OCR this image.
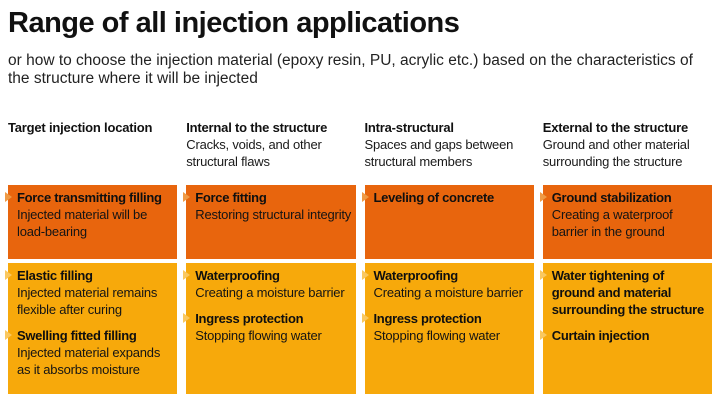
Range of all injection applications

or how to choose the injection material (epoxy resin, PU, acrylic etc.) based on the characteristics of the structure where it will be injected

Target injection location	Internal to the structure
Cracks, voids, and other structural flaws
Intra-structural
Spaces and gaps between structural members
External to the structure
Ground and other material surrounding the structure
Force transmitting filling
Injected material will be load-bearing
Force fitting
Restoring structural integrity
Leveling of concrete	Ground stabilization
Creating a waterproof barrier in the ground
Elastic filling
Injected material remains flexible after curing
Swelling fitted filling
Injected material expands as it absorbs moisture
Waterproofing
Creating a moisture barrier
Ingress protection
Stopping flowing water
Waterproofing
Creating a moisture barrier
Ingress protection
Stopping flowing water
Water tightening of ground and material surrounding the structure
Curtain injection
